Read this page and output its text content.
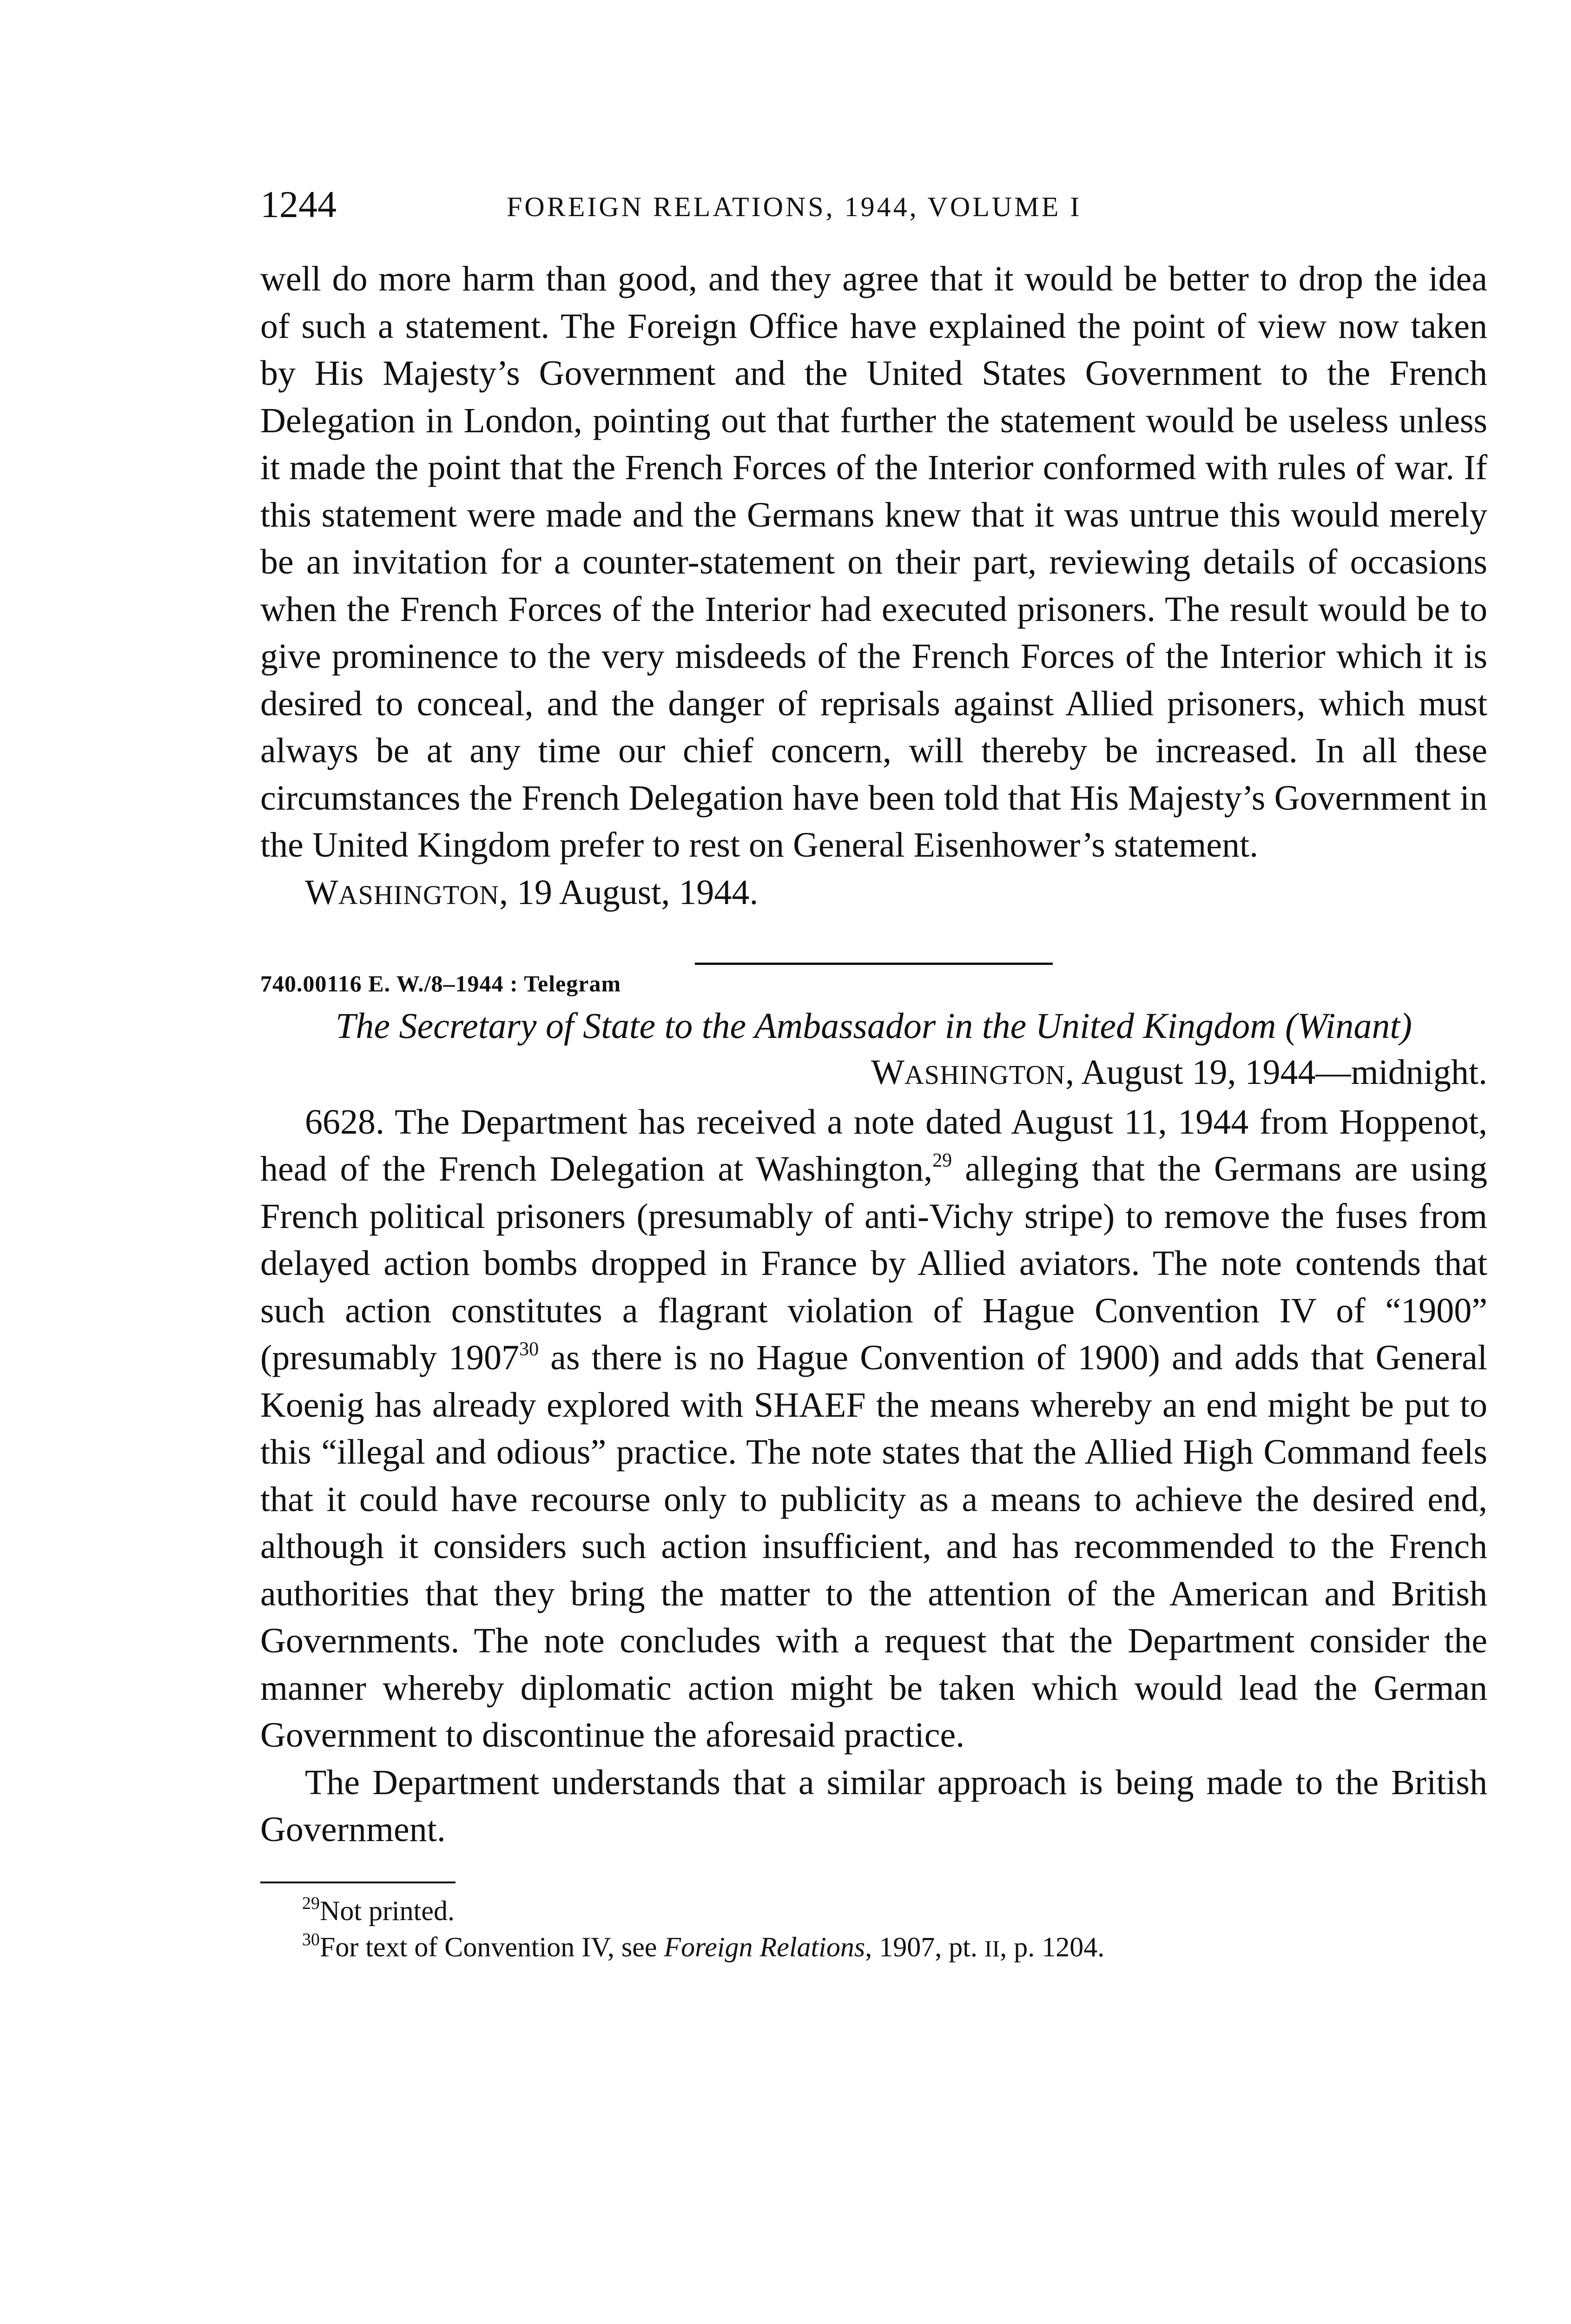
1244	FOREIGN RELATIONS, 1944, VOLUME I

well do more harm than good, and they agree that it would be better to drop the idea of such a statement. The Foreign Office have explained the point of view now taken by His Majesty’s Government and the United States Government to the French Delegation in London, pointing out that further the statement would be useless unless it made the point that the French Forces of the Interior conformed with rules of war. If this statement were made and the Germans knew that it was untrue this would merely be an invitation for a counter-statement on their part, reviewing details of occasions when the French Forces of the Interior had executed prisoners. The result would be to give prominence to the very misdeeds of the French Forces of the Interior which it is desired to conceal, and the danger of reprisals against Allied prisoners, which must always be at any time our chief concern, will thereby be increased. In all these circumstances the French Delegation have been told that His Majesty’s Government in the United Kingdom prefer to rest on General Eisenhower’s statement.

WASHINGTON, 19 August, 1944.

740.00116 E. W./8–1944 : Telegram

The Secretary of State to the Ambassador in the United Kingdom (Winant)

WASHINGTON, August 19, 1944—midnight.

6628. The Department has received a note dated August 11, 1944 from Hoppenot, head of the French Delegation at Washington,$^{29}$ alleging that the Germans are using French political prisoners (presumably of anti-Vichy stripe) to remove the fuses from delayed action bombs dropped in France by Allied aviators. The note contends that such action constitutes a flagrant violation of Hague Convention IV of “1900” (presumably 1907$^{30}$ as there is no Hague Convention of 1900) and adds that General Koenig has already explored with SHAEF the means whereby an end might be put to this “illegal and odious” practice. The note states that the Allied High Command feels that it could have recourse only to publicity as a means to achieve the desired end, although it considers such action insufficient, and has recommended to the French authorities that they bring the matter to the attention of the American and British Governments. The note concludes with a request that the Department consider the manner whereby diplomatic action might be taken which would lead the German Government to discontinue the aforesaid practice.

The Department understands that a similar approach is being made to the British Government.

$^{29}$Not printed.

$^{30}$For text of Convention IV, see Foreign Relations, 1907, pt. II, p. 1204.
